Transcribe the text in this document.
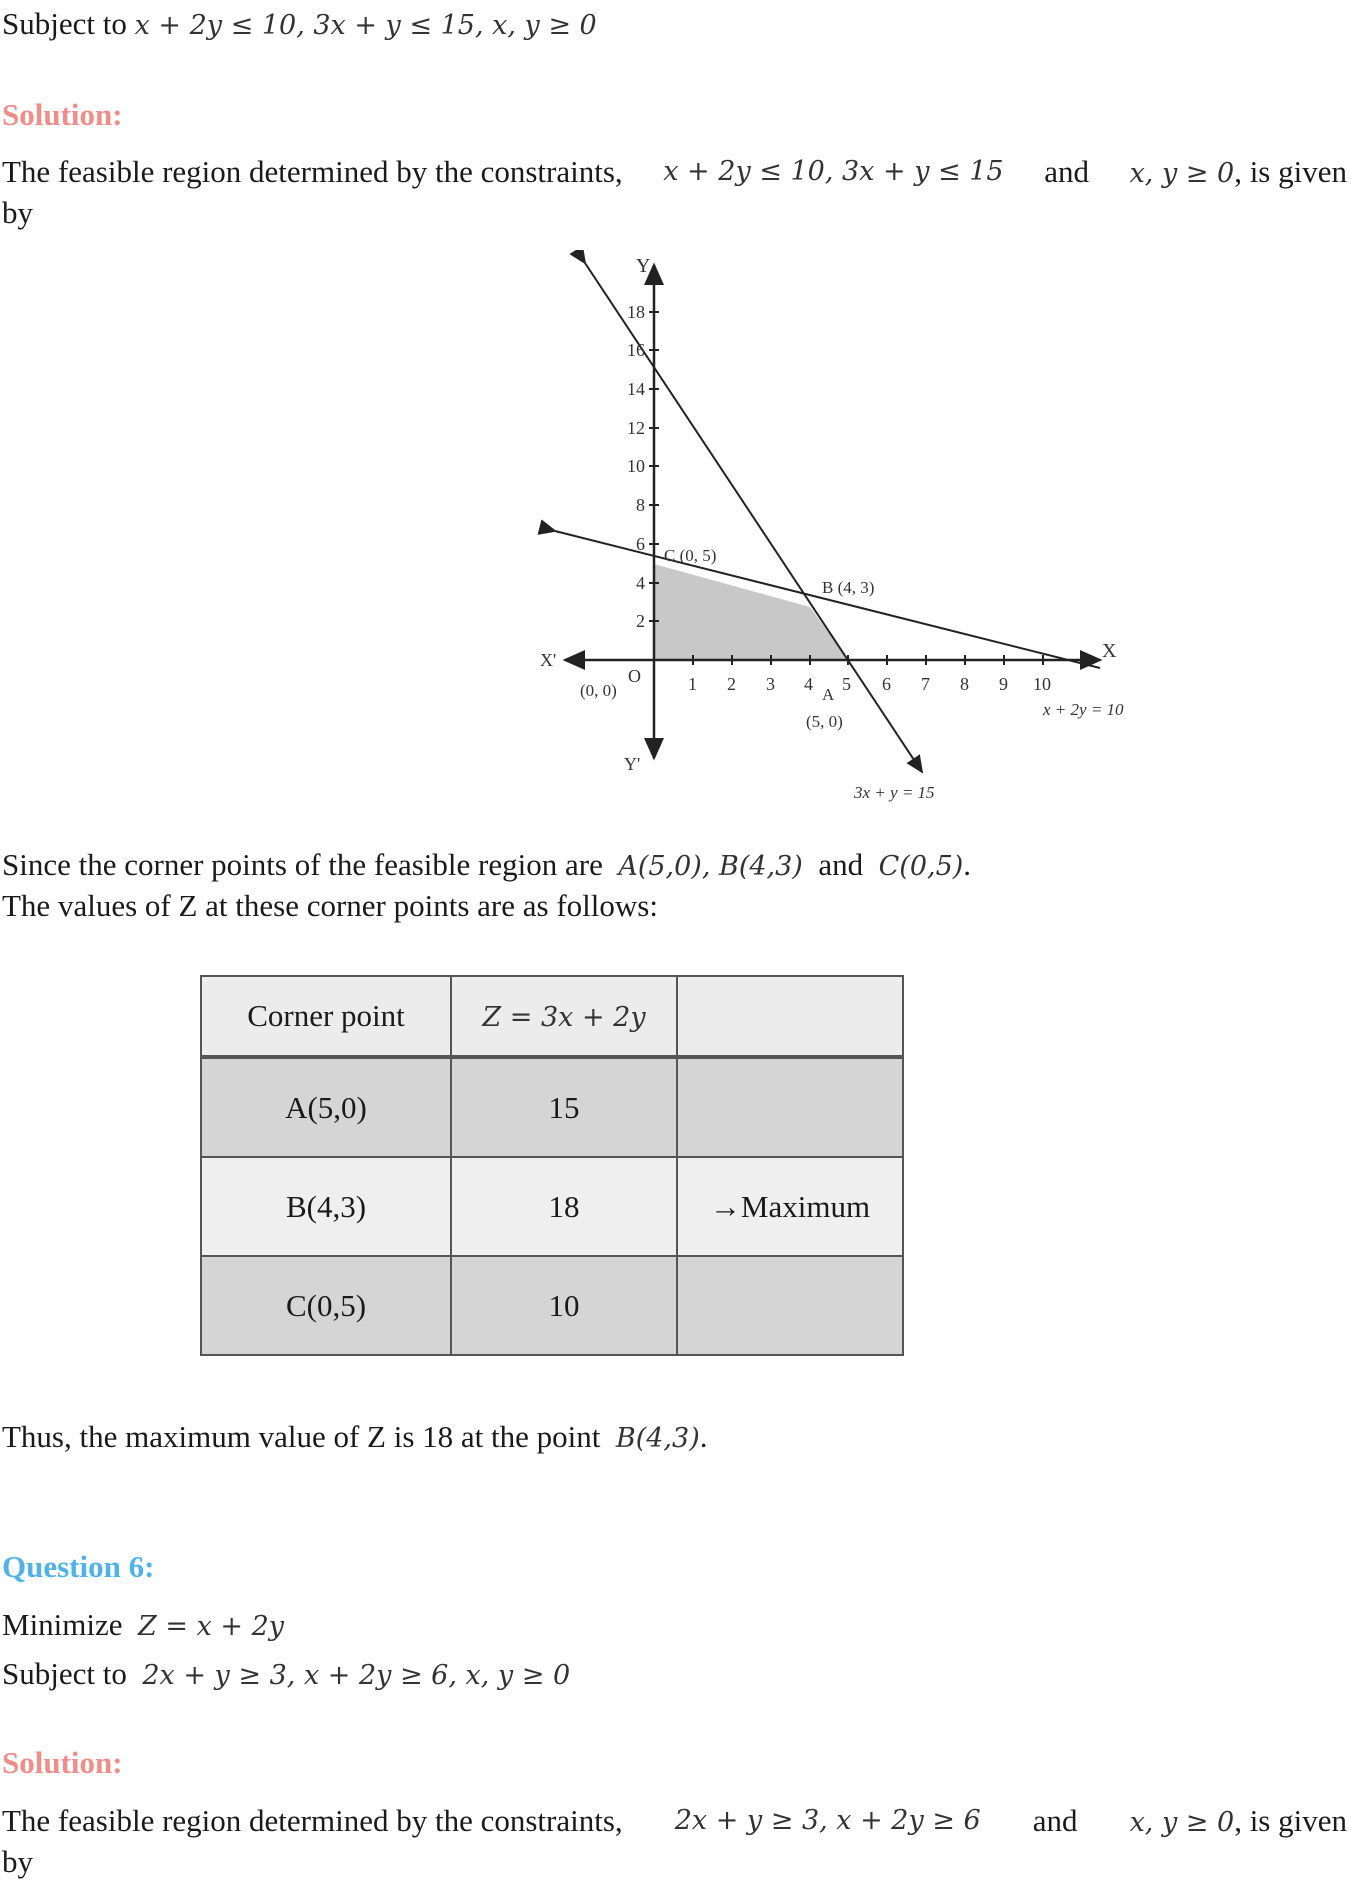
Subject to x + 2y ≤ 10, 3x + y ≤ 15, x, y ≥ 0
Solution:
The feasible region determined by the constraints, x + 2y ≤ 10, 3x + y ≤ 15 and x, y ≥ 0, is given
by
1 2 3 4 5 6 7 8 9 10
2
4
6
8
10
12
14
16
18
Y
Y'
X
X'
O
(0, 0)	A
(5, 0)
B (4, 3)
C (0, 5)
x + 2y = 10
3x + y = 15
Since the corner points of the feasible region are A(5,0), B(4,3) and C(0,5).
The values of Z at these corner points are as follows:
Corner point	Z = 3x + 2y	
A(5,0)	15	
B(4,3)	18	→Maximum
C(0,5)	10	
Thus, the maximum value of Z is 18 at the point B(4,3).
Question 6:
Minimize Z = x + 2y
Subject to 2x + y ≥ 3, x + 2y ≥ 6, x, y ≥ 0
Solution:
The feasible region determined by the constraints, 2x + y ≥ 3, x + 2y ≥ 6 and x, y ≥ 0, is given
by
